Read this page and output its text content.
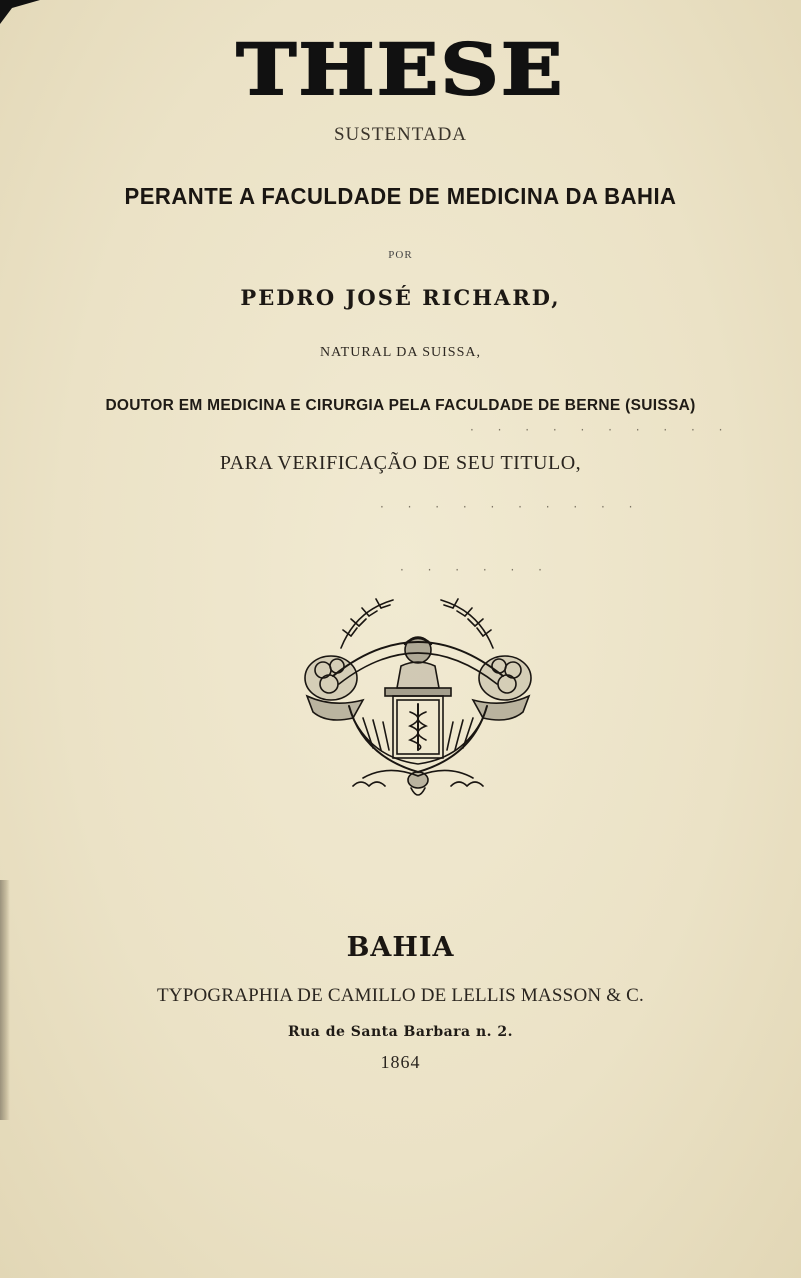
THESE
SUSTENTADA
PERANTE A FACULDADE DE MEDICINA DA BAHIA
POR
PEDRO JOSÉ RICHARD,
NATURAL DA SUISSA,
DOUTOR EM MEDICINA E CIRURGIA PELA FACULDADE DE BERNE (SUISSA)
PARA VERIFICAÇÃO DE SEU TITULO,
· · · · · · · · · ·
· · · · · · · · · ·
· · · · · ·
BAHIA
TYPOGRAPHIA DE CAMILLO DE LELLIS MASSON & C.
Rua de Santa Barbara n. 2.
1864
